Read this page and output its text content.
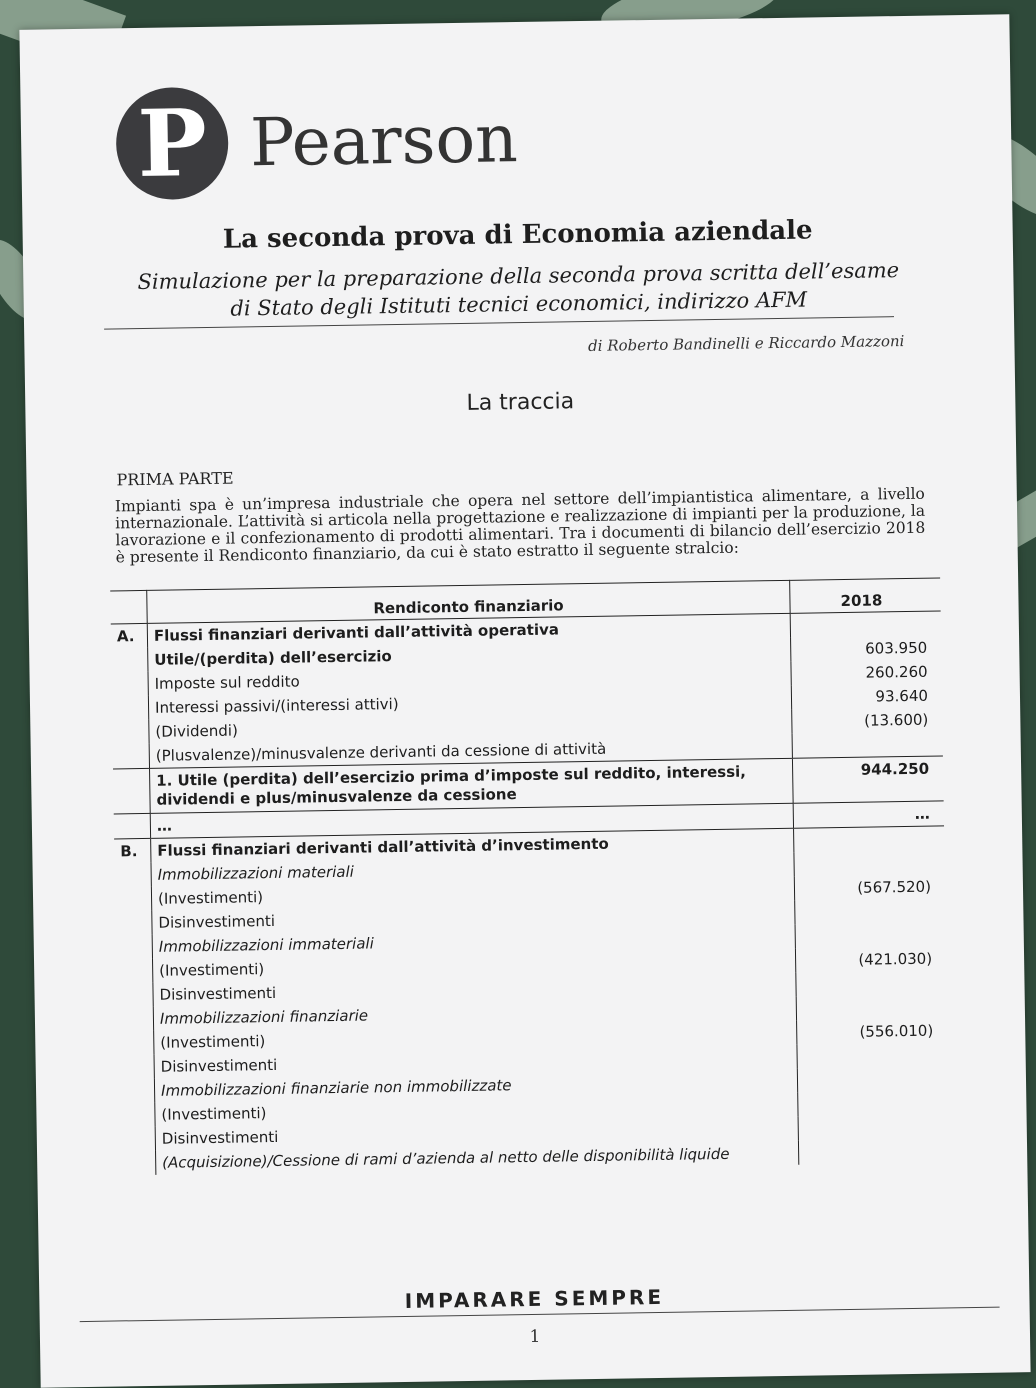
P Pearson
La seconda prova di Economia aziendale
Simulazione per la preparazione della seconda prova scritta dell’esame
di Stato degli Istituti tecnici economici, indirizzo AFM
di Roberto Bandinelli e Riccardo Mazzoni
La traccia
PRIMA PARTE
Impianti spa è un’impresa industriale che opera nel settore dell’impiantistica alimentare, a livello internazionale. L’attività si articola nella progettazione e realizzazione di impianti per la produzione, la lavorazione e il confezionamento di prodotti alimentari. Tra i documenti di bilancio dell’esercizio 2018 è presente il Rendiconto finanziario, da cui è stato estratto il seguente stralcio:
	Rendiconto finanziario	2018
A.	Flussi finanziari derivanti dall’attività operativa	
	Utile/(perdita) dell’esercizio	603.950
	Imposte sul reddito	260.260
	Interessi passivi/(interessi attivi)	93.640
	(Dividendi)	(13.600)
	(Plusvalenze)/minusvalenze derivanti da cessione di attività	
	1. Utile (perdita) dell’esercizio prima d’imposte sul reddito, interessi, dividendi e plus/minusvalenze da cessione	944.250
	…	…
B.	Flussi finanziari derivanti dall’attività d’investimento	
	Immobilizzazioni materiali	
	(Investimenti)	(567.520)
	Disinvestimenti	
	Immobilizzazioni immateriali	
	(Investimenti)	(421.030)
	Disinvestimenti	
	Immobilizzazioni finanziarie	
	(Investimenti)	(556.010)
	Disinvestimenti	
	Immobilizzazioni finanziarie non immobilizzate	
	(Investimenti)	
	Disinvestimenti	
	(Acquisizione)/Cessione di rami d’azienda al netto delle disponibilità liquide	
IMPARARE SEMPRE
1
